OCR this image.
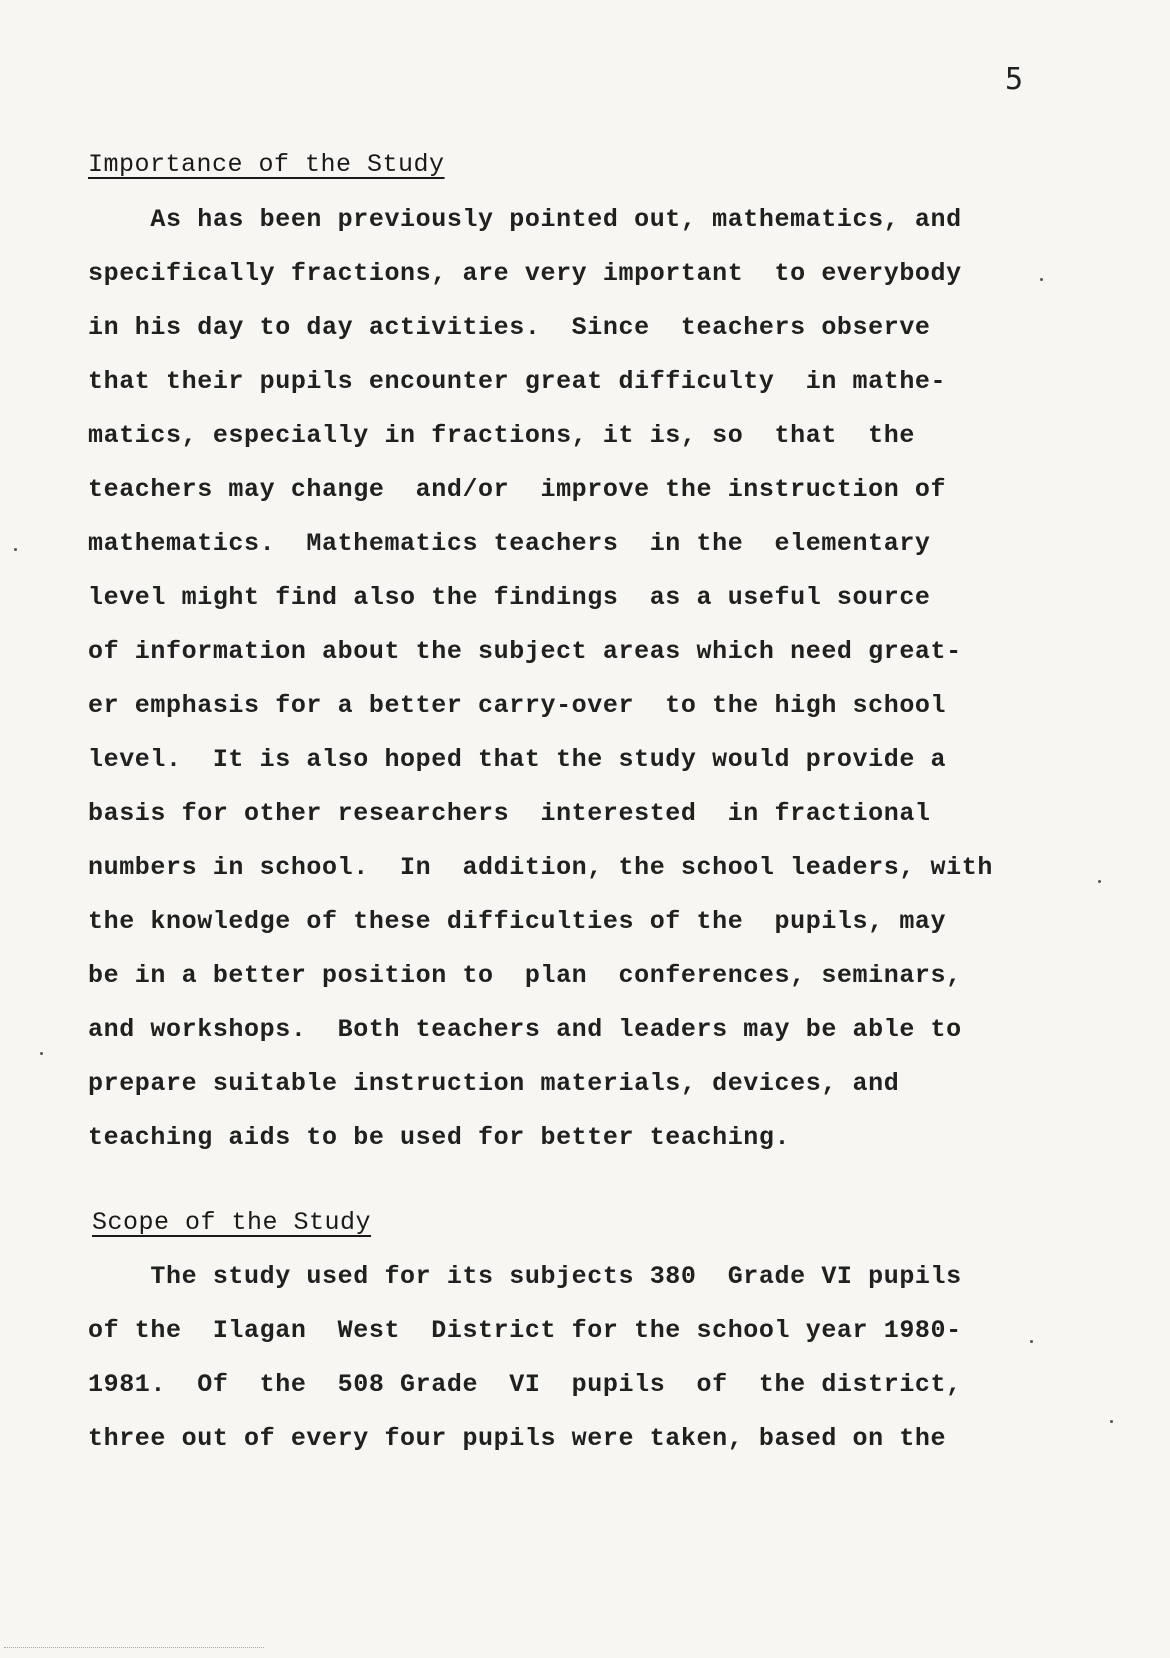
5
Importance of the Study
As has been previously pointed out, mathematics, and
specifically fractions, are very important  to everybody
in his day to day activities.  Since  teachers observe
that their pupils encounter great difficulty  in mathe-
matics, especially in fractions, it is, so  that  the
teachers may change  and/or  improve the instruction of
mathematics.  Mathematics teachers  in the  elementary
level might find also the findings  as a useful source
of information about the subject areas which need great-
er emphasis for a better carry-over  to the high school
level.  It is also hoped that the study would provide a
basis for other researchers  interested  in fractional
numbers in school.  In  addition, the school leaders, with
the knowledge of these difficulties of the  pupils, may
be in a better position to  plan  conferences, seminars,
and workshops.  Both teachers and leaders may be able to
prepare suitable instruction materials, devices, and
teaching aids to be used for better teaching.
Scope of the Study
The study used for its subjects 380  Grade VI pupils
of the  Ilagan  West  District for the school year 1980-
1981.  Of  the  508 Grade  VI  pupils  of  the district,
three out of every four pupils were taken, based on the
